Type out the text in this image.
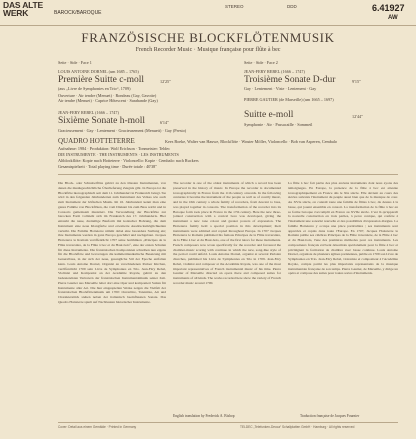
DAS ALTE WERK	BAROCK/BAROQUE
STEREO	DDD	6.41927
AW
FRANZÖSISCHE BLOCKFLÖTENMUSIK
French Recorder Music · Musique française pour flûte à bec
Seite · Side · Face 1
LOUIS ANTOINE DORNEL (um 1685 – 1765)
Première Suitte c-moll	12'25"
(aus „Livre de Symphonies en Trio“, 1709)
Ouverture · Air tendre (Menuet) · Rondeau (Gay, Gavotte)
Air tendre (Menuet) · Caprice Hôtescent · Sarabande (Gay)
JEAN-FERY REBEL (1666 – 1747)
Sixième Sonate h-moll	6'14"
Gracieusement · Gay · Lentement · Gracieusement (Menuett) · Gay (Presto)
Seite · Side · Face 2
JEAN-FERY REBEL (1666 – 1747)
Troisième Sonate D-dur	9'15"
Gay · Lentement · Viste · Lentement · Gay
PIERRE GAUTIER (de Marseille) (um 1665 – 1697)
Suitte e-moll	12'44"
Symphonie · Air · Passacaille · Sommeil
QUADRO HOTTETERRE	Kees Boeke, Walter van Hauwe, Blockflöte · Wouter Möller, Violoncello · Bob van Asperen, Cembalo
Aufnahme: 1984 · Produktion: Wolf Erichson · Tonmeister: Teldec
DIE INSTRUMENTE · THE INSTRUMENTS · LES INSTRUMENTS
Altblockflöte: Kopie nach Hotteterre · Violoncello: Kopie · Cembalo: nach Ruckers
Gesamtspielzeit · Total playing time · Durée totale : 40'38"
Die Block- oder Schnabelflöte gehört zu den ältesten Instrumenten, von denen die musikgeschichtliche Überlieferung Zeugnis gibt. In Europa ist die Blockflöte ikonographisch seit dem 11. Jahrhundert in Frankreich belegt. Sie wird in den folgenden Jahrhunderten zum Instrument des Volkes wie auch zum Instrument der höfischen Musik. Im 16. Jahrhundert kennt man eine ganze Familie von Blockflöten, die vom Diskant bis zum Bass reicht und in Consorts gemeinsam musiziert. Die Verwandlung der Blockflöte zur barocken Form vollzieht sich im Frankreich des 17. Jahrhunderts. Hier entsteht die neue, dreiteilige Bauform mit konischer Bohrung, die dem Instrument eine neue Klangfarbe und erweiterte Ausdrucksmöglichkeiten verleiht. Die Familie Hotteterre nimmt dabei eine besondere Stellung ein; ihre Instrumente werden in ganz Europa geschätzt und nachgebaut. Jacques Hotteterre le Romain veröffentlicht 1707 seine berühmten „Principes de la Flûte traversière, de la Flûte à bec et du Haut-bois“, eine der ersten Schulen für diese Instrumente. Die französischen Komponisten schreiben nun eigens für die Blockflöte und bevorzugen die kammermusikalische Besetzung mit Generalbass, in der sich der neue, gesangliche Stil der Epoche entfalten kann. Louis Antoine Dornel, Organist an verschiedenen Pariser Kirchen, veröffentlicht 1709 sein Livre de Symphonies en Trio. Jean-Féry Rebel, Violinist und Komponist an der Académie Royale, gehört zu den bedeutendsten Vertretern der französischen Instrumentalmusik seiner Zeit. Pierre Gautier aus Marseille leitet dort eine Oper und komponiert Suiten für Instrumente aller Art. Die hier eingespielten Werke zeigen die Vielfalt der französischen Blockflötenmusik um 1700: Ouvertüre, Tanzsätze, Air und Charakterstück stehen neben der italienisch beeinflussten Sonate. Das Quadro Hotteterre spielt auf Nachbauten historischer Instrumente.
The recorder is one of the oldest instruments of which a record has been preserved in the history of music. In Europe the recorder is documented iconographically in France from the 11th century onwards. In the following centuries it became the instrument of the people as well as of courtly music, and in the 16th century a whole family of recorders, from descant to bass, was played together in consorts. The transformation of the recorder into its Baroque form took place in France in the 17th century. Here the new three-jointed construction with a conical bore was developed, giving the instrument a new tone colour and greater powers of expression. The Hotteterre family held a special position in this development; their instruments were admired and copied throughout Europe. In 1707 Jacques Hotteterre le Romain published his famous Principes de la Flûte traversière, de la Flûte à bec et du Haut-bois, one of the first tutors for these instruments. French composers now wrote specifically for the recorder and favoured the chamber-music scoring with continuo in which the new, song-like style of the period could unfold. Louis Antoine Dornel, organist at several Parisian churches, published his Livre de Symphonies en Trio in 1709. Jean-Féry Rebel, violinist and composer at the Académie Royale, was one of the most important representatives of French instrumental music of his time. Pierre Gautier of Marseille directed an opera there and composed suites for instruments of all kinds. The works recorded here show the variety of French recorder music around 1700.
La flûte à bec fait partie des plus anciens instruments dont nous ayons des témoignages. En Europe, la présence de la flûte à bec est attestée iconographiquement en France dès le XIe siècle. Elle devient au cours des siècles suivants l'instrument du peuple aussi bien que de la musique de cour. Au XVIe siècle, on connaît toute une famille de flûtes à bec, du dessus à la basse, qui jouent ensemble en consort. La transformation de la flûte à bec en sa forme baroque s'accomplit en France au XVIIe siècle. C'est là qu'apparaît la nouvelle construction en trois parties, à perce conique, qui confère à l'instrument une sonorité nouvelle et des possibilités d'expression élargies. La famille Hotteterre y occupe une place particulière ; ses instruments sont appréciés et copiés dans toute l'Europe. En 1707, Jacques Hotteterre le Romain publie ses célèbres Principes de la Flûte traversière, de la Flûte à bec et du Haut-bois, l'une des premières méthodes pour ces instruments. Les compositeurs français écrivent désormais spécialement pour la flûte à bec et privilégient la formation de chambre avec basse continue. Louis Antoine Dornel, organiste de plusieurs églises parisiennes, publie en 1709 son Livre de Symphonies en Trio. Jean-Féry Rebel, violoniste et compositeur à l'Académie Royale, compte parmi les plus importants représentants de la musique instrumentale française de son temps. Pierre Gautier, de Marseille, y dirige un opéra et compose des suites pour toutes sortes d'instruments.
English translation by Frederick A. Bishop	Traduction française de Jacques Fournier
Cover: Detail aus einem Gemälde · Printed in Germany	TELDEC „Telefunken-Decca“ Schallplatten GmbH · Hamburg · All rights reserved
